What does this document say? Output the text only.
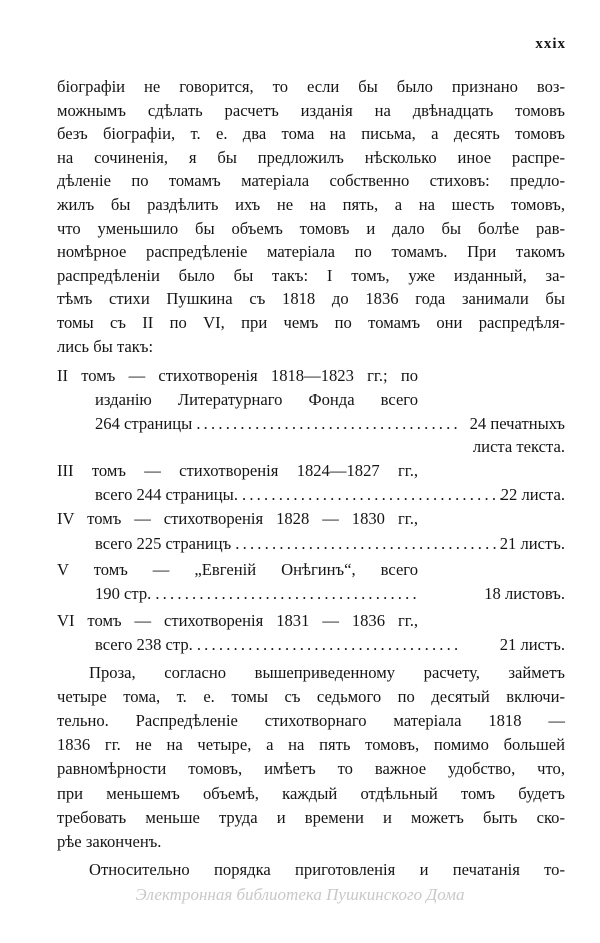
xxix
біографіи не говорится, то если бы было признано воз-
можнымъ сдѣлать расчетъ изданія на двѣнадцать томовъ
безъ біографіи, т. е. два тома на письма, а десять томовъ
на сочиненія, я бы предложилъ нѣсколько иное распре-
дѣленіе по томамъ матеріала собственно стиховъ: предло-
жилъ бы раздѣлить ихъ не на пять, а на шесть томовъ,
что уменьшило бы объемъ томовъ и дало бы болѣе рав-
номѣрное распредѣленіе матеріала по томамъ. При такомъ
распредѣленіи было бы такъ: I томъ, уже изданный, за-
тѣмъ стихи Пушкина съ 1818 до 1836 года занимали бы
томы съ II по VI, при чемъ по томамъ они распредѣля-
лись бы такъ:
II томъ — стихотворенія 1818—1823 гг.; по
изданію Литературнаго Фонда всего
264 страницы .................................... 24 печатныхъ
листа текста.
III томъ — стихотворенія 1824—1827 гг.,
всего 244 страницы. ....................................
22 листа.
IV томъ — стихотворенія 1828 — 1830 гг.,
всего 225 страницъ .................................... 21 листъ.
V томъ — „Евгеній Онѣгинъ“, всего
190 стр. ....................................	18 листовъ.
VI томъ — стихотворенія 1831 — 1836 гг.,
всего 238 стр. ....................................	21 листъ.
Проза, согласно вышеприведенному расчету, займетъ
четыре тома, т. е. томы съ седьмого по десятый включи-
тельно. Распредѣленіе стихотворнаго матеріала 1818 —
1836 гг. не на четыре, а на пять томовъ, помимо большей
равномѣрности томовъ, имѣетъ то важное удобство, что,
при меньшемъ объемѣ, каждый отдѣльный томъ будетъ
требовать меньше труда и времени и можетъ быть ско-
рѣе законченъ.
Относительно порядка приготовленія и печатанія то-
Электронная библиотека Пушкинского Дома
